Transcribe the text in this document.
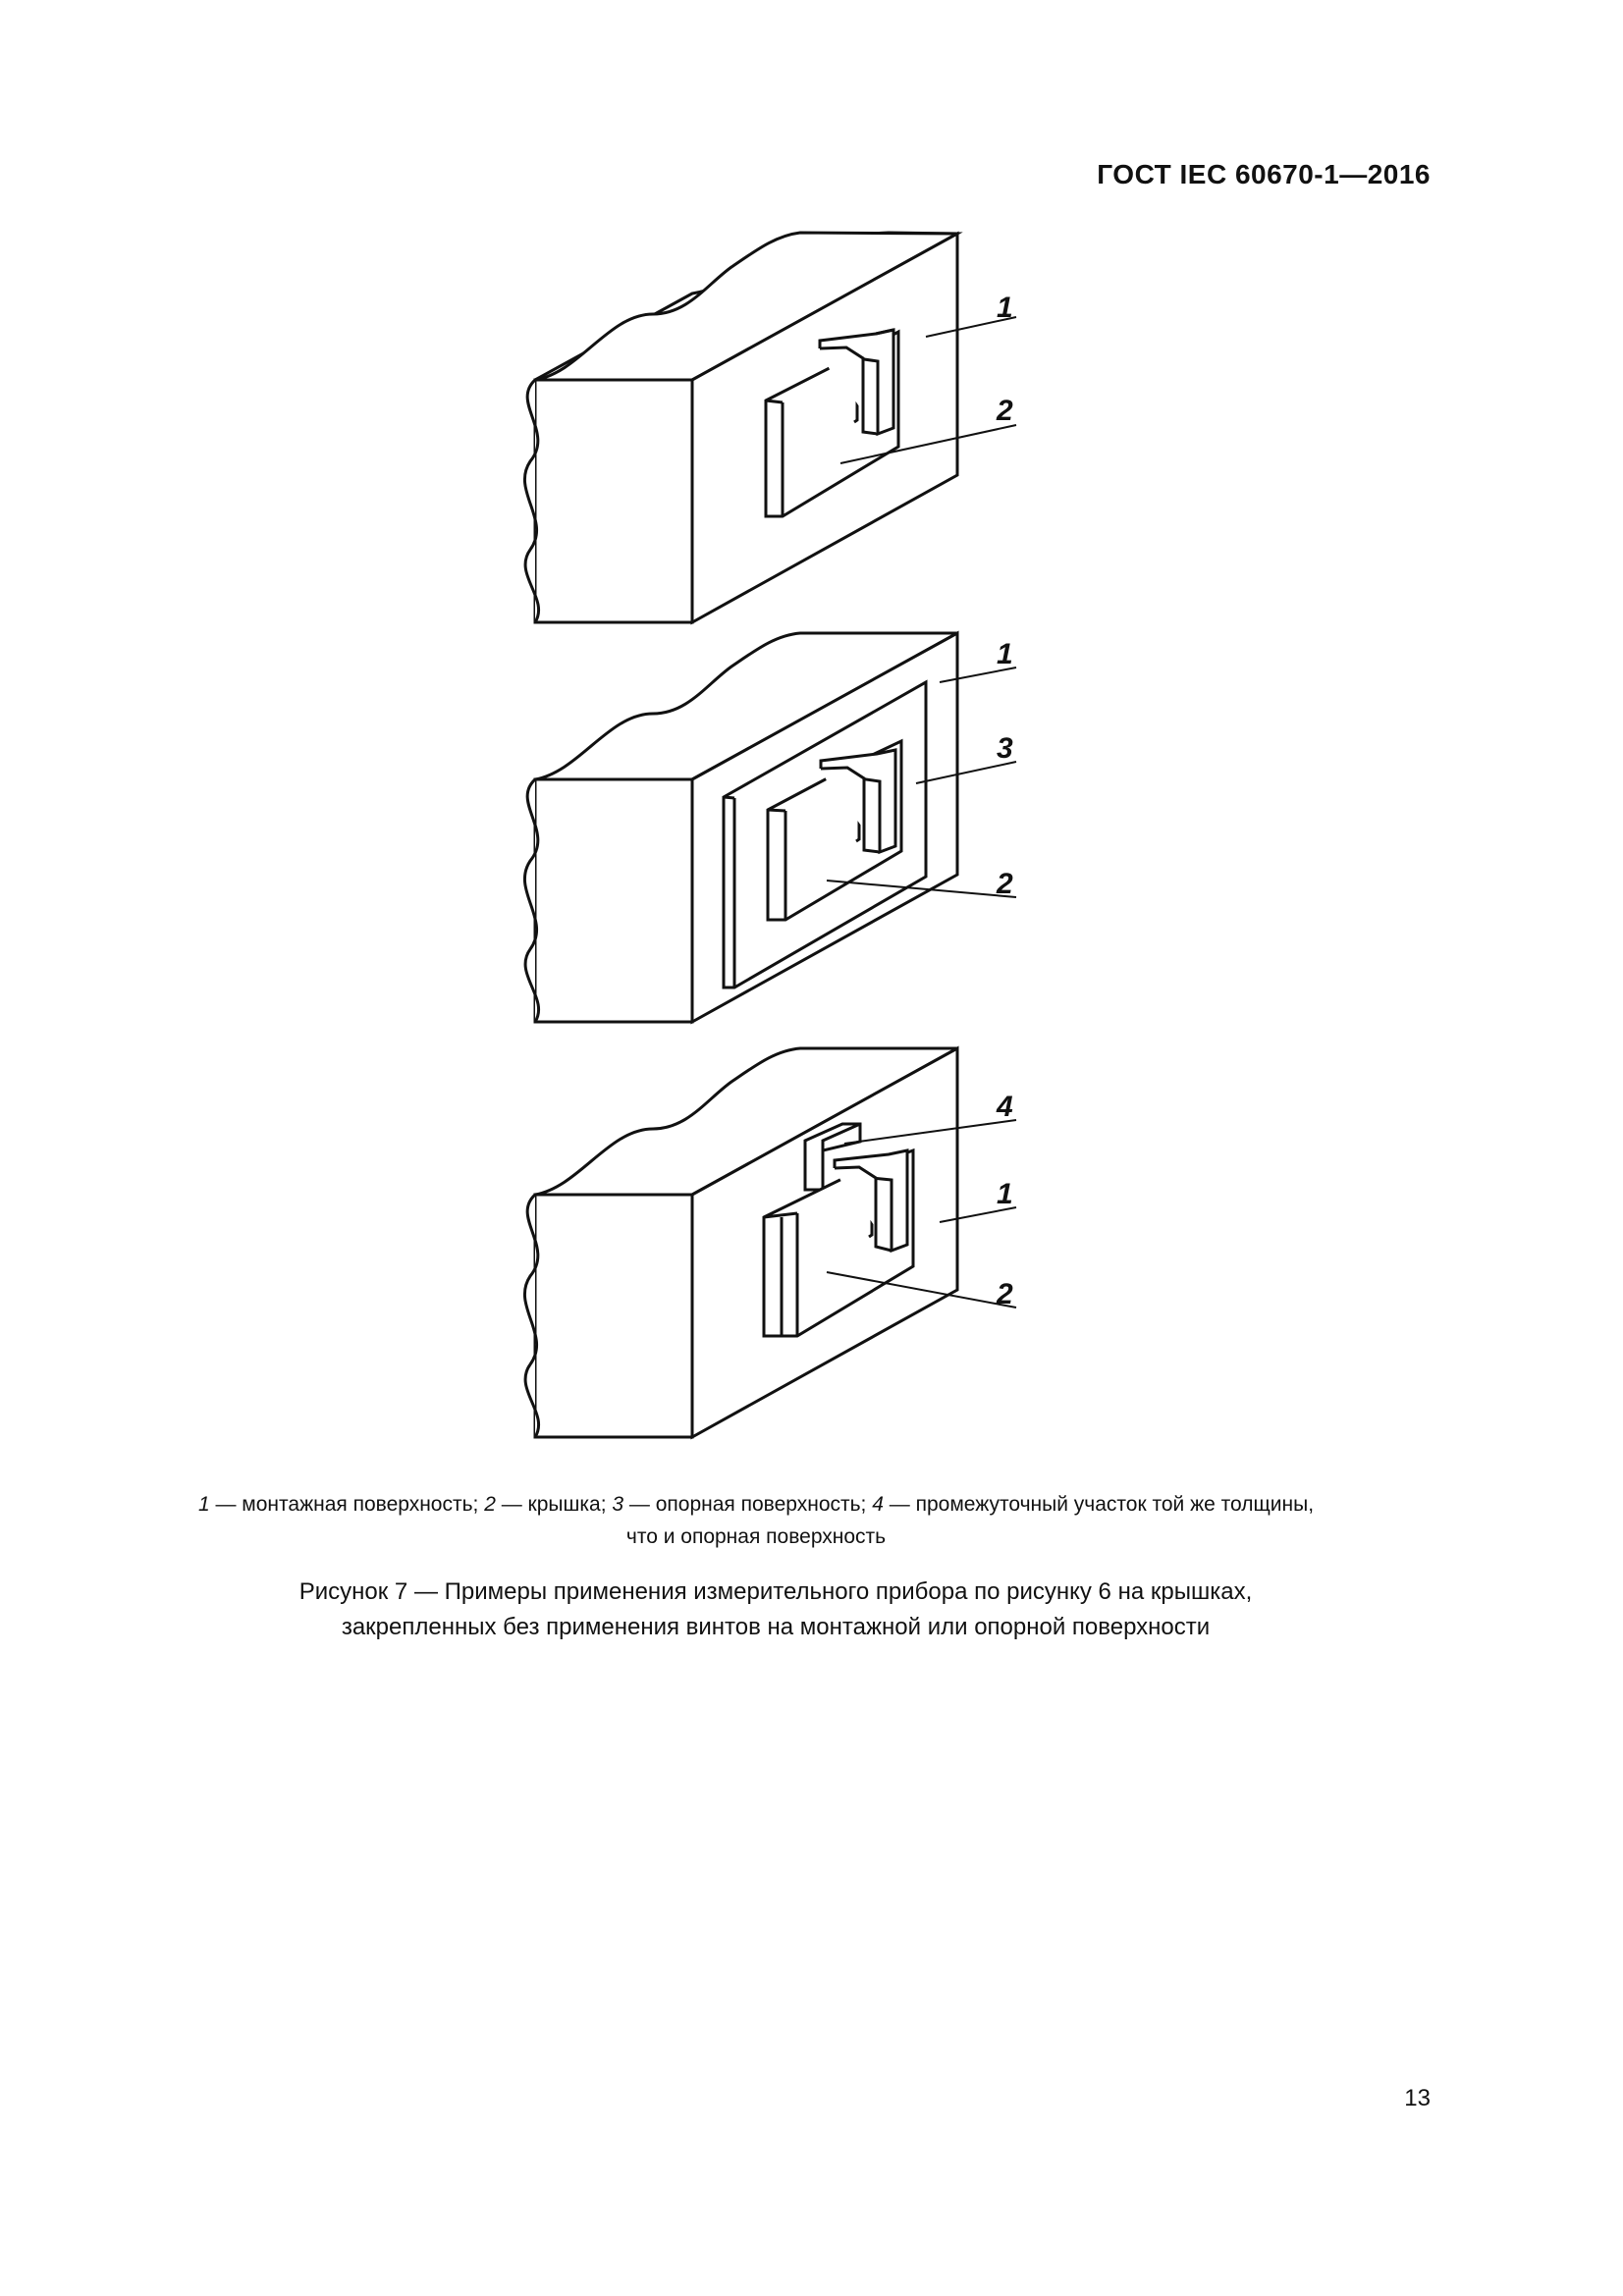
ГОСТ IEC 60670-1—2016
1
2
1
3
2
4
1
2
1 — монтажная поверхность; 2 — крышка; 3 — опорная поверхность; 4 — промежуточный участок той же толщины,
что и опорная поверхность
Рисунок 7 — Примеры применения измерительного прибора по рисунку 6 на крышках,
закрепленных без применения винтов на монтажной или опорной поверхности
13
